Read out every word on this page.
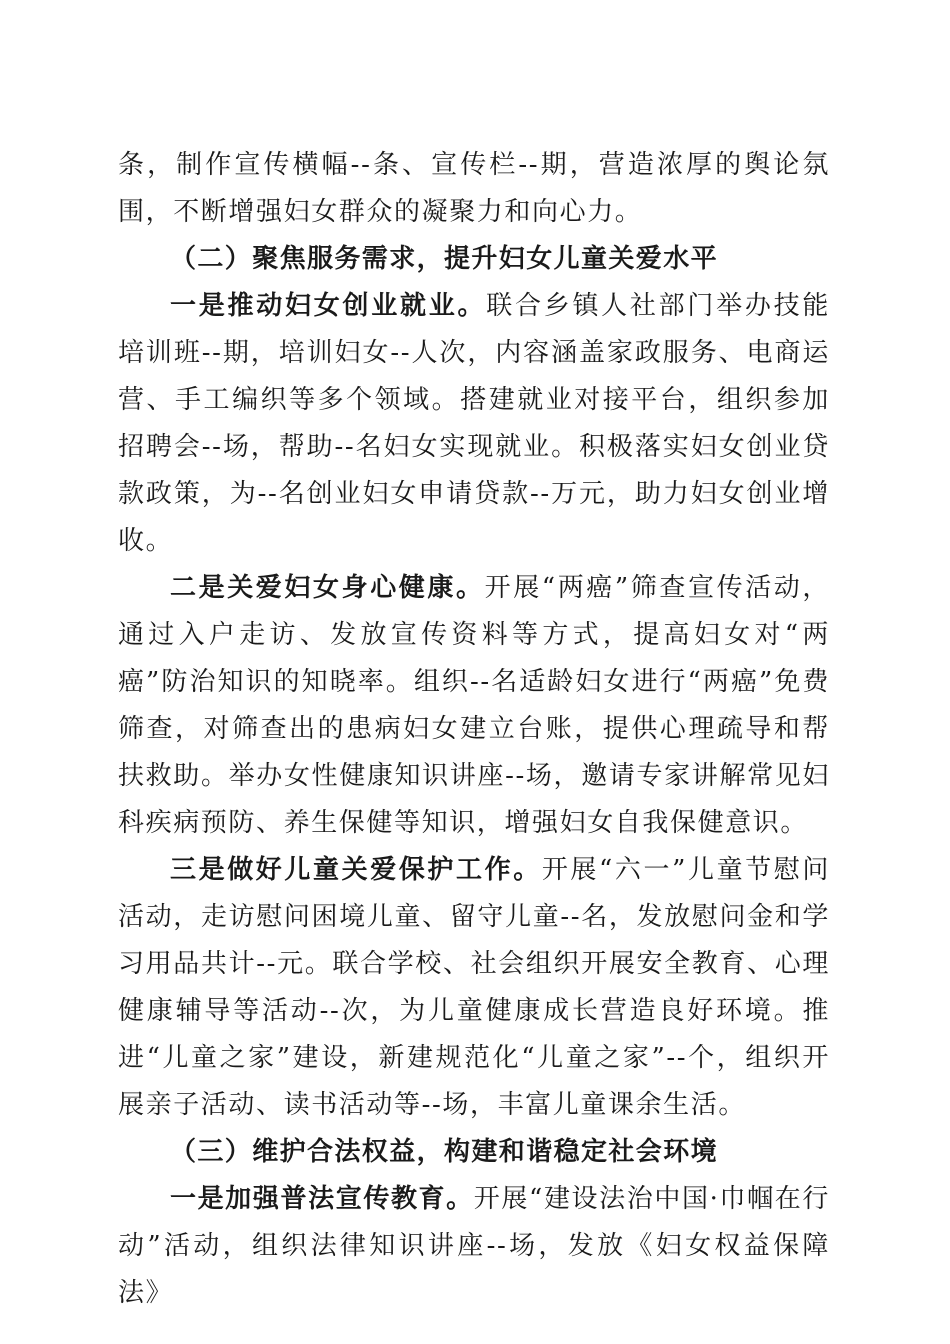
条，制作宣传横幅--条、宣传栏--期，营造浓厚的舆论氛围，不断增强妇女群众的凝聚力和向心力。

（二）聚焦服务需求，提升妇女儿童关爱水平

一是推动妇女创业就业。联合乡镇人社部门举办技能培训班--期，培训妇女--人次，内容涵盖家政服务、电商运营、手工编织等多个领域。搭建就业对接平台，组织参加招聘会--场，帮助--名妇女实现就业。积极落实妇女创业贷款政策，为--名创业妇女申请贷款--万元，助力妇女创业增收。

二是关爱妇女身心健康。开展“两癌”筛查宣传活动，通过入户走访、发放宣传资料等方式，提高妇女对“两癌”防治知识的知晓率。组织--名适龄妇女进行“两癌”免费筛查，对筛查出的患病妇女建立台账，提供心理疏导和帮扶救助。举办女性健康知识讲座--场，邀请专家讲解常见妇科疾病预防、养生保健等知识，增强妇女自我保健意识。

三是做好儿童关爱保护工作。开展“六一”儿童节慰问活动，走访慰问困境儿童、留守儿童--名，发放慰问金和学习用品共计--元。联合学校、社会组织开展安全教育、心理健康辅导等活动--次，为儿童健康成长营造良好环境。推进“儿童之家”建设，新建规范化“儿童之家”--个，组织开展亲子活动、读书活动等--场，丰富儿童课余生活。

（三）维护合法权益，构建和谐稳定社会环境

一是加强普法宣传教育。开展“建设法治中国·巾帼在行动”活动，组织法律知识讲座--场，发放《妇女权益保障法》
